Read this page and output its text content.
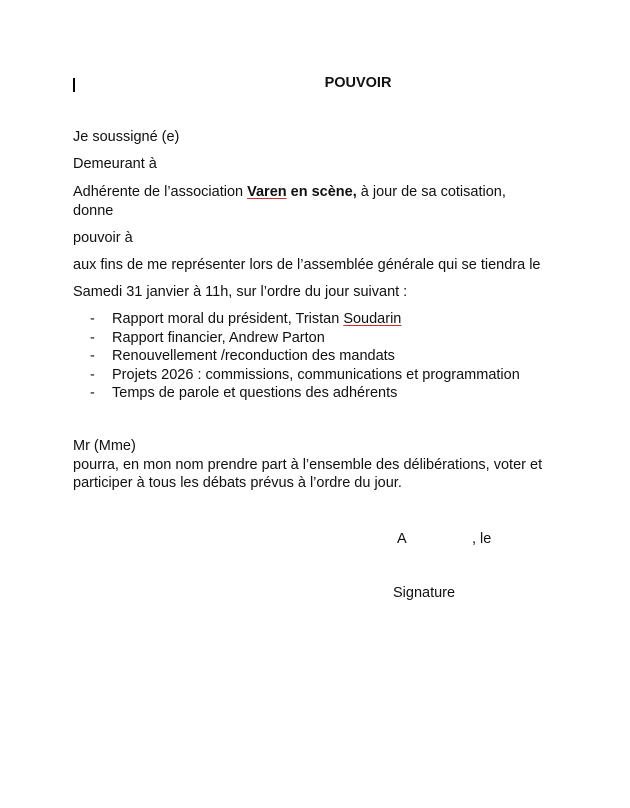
POUVOIR
Je soussigné (e)
Demeurant à
Adhérente de l’association Varen en scène, à jour de sa cotisation,
donne
pouvoir à
aux fins de me représenter lors de l’assemblée générale qui se tiendra le
Samedi 31 janvier à 11h, sur l’ordre du jour suivant :
- Rapport moral du président, Tristan Soudarin
- Rapport financier, Andrew Parton
- Renouvellement /reconduction des mandats
- Projets 2026 : commissions, communications et programmation
- Temps de parole et questions des adhérents
Mr (Mme)
pourra, en mon nom prendre part à l’ensemble des délibérations, voter et
participer à tous les débats prévus à l’ordre du jour.
A	, le
Signature
